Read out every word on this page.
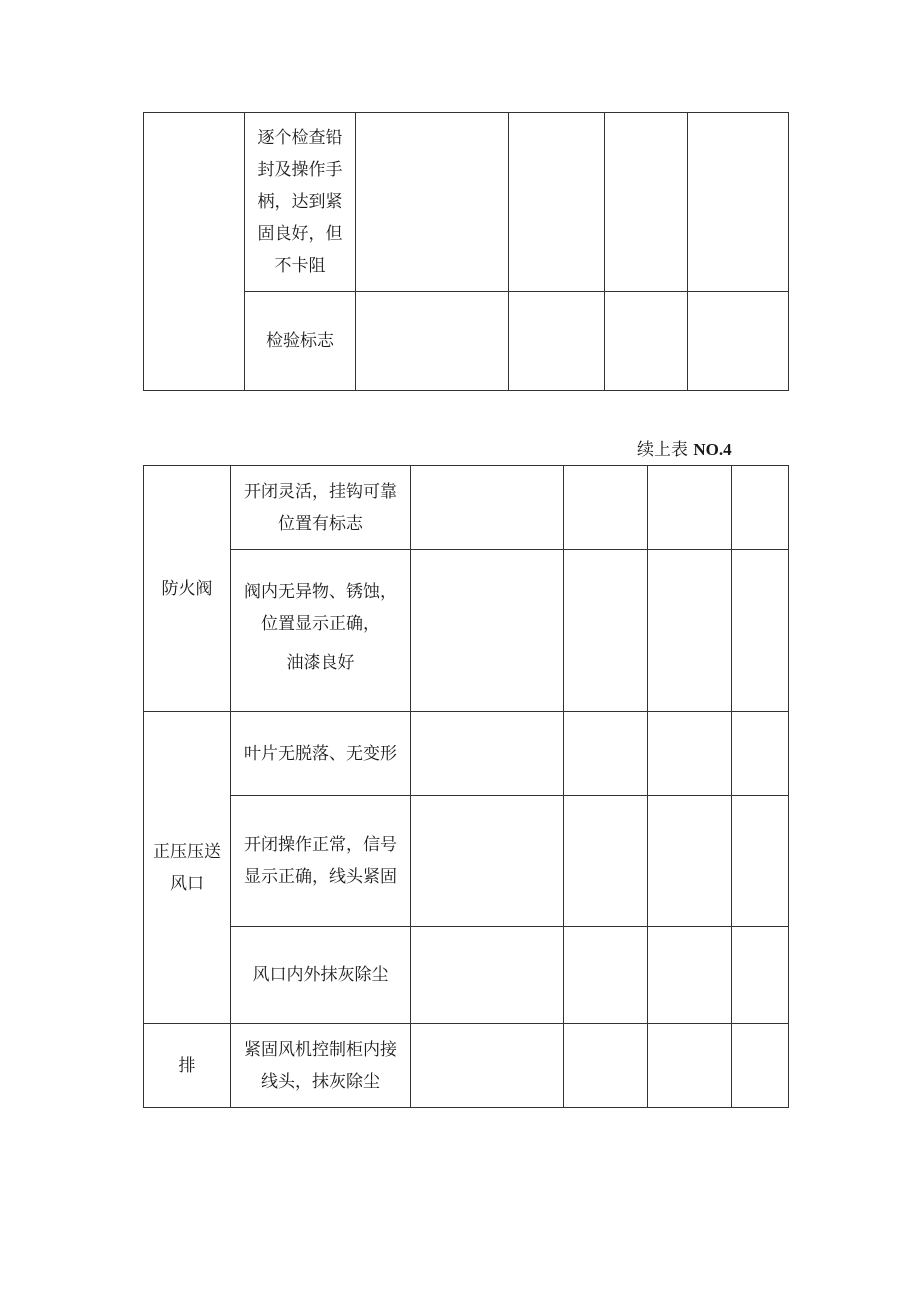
	逐个检查铅
封及操作手
柄，达到紧
固良好，但
不卡阻				

	检验标志				

续上表 NO.4
防火阀	开闭灵活，挂钩可靠
位置有标志				

	阀内无异物、锈蚀，
位置显示正确，
油漆良好				

正压压送
风口	叶片无脱落、无变形				

	开闭操作正常，信号
显示正确，线头紧固				

	风口内外抹灰除尘				

排	紧固风机控制柜内接
线头，抹灰除尘				
